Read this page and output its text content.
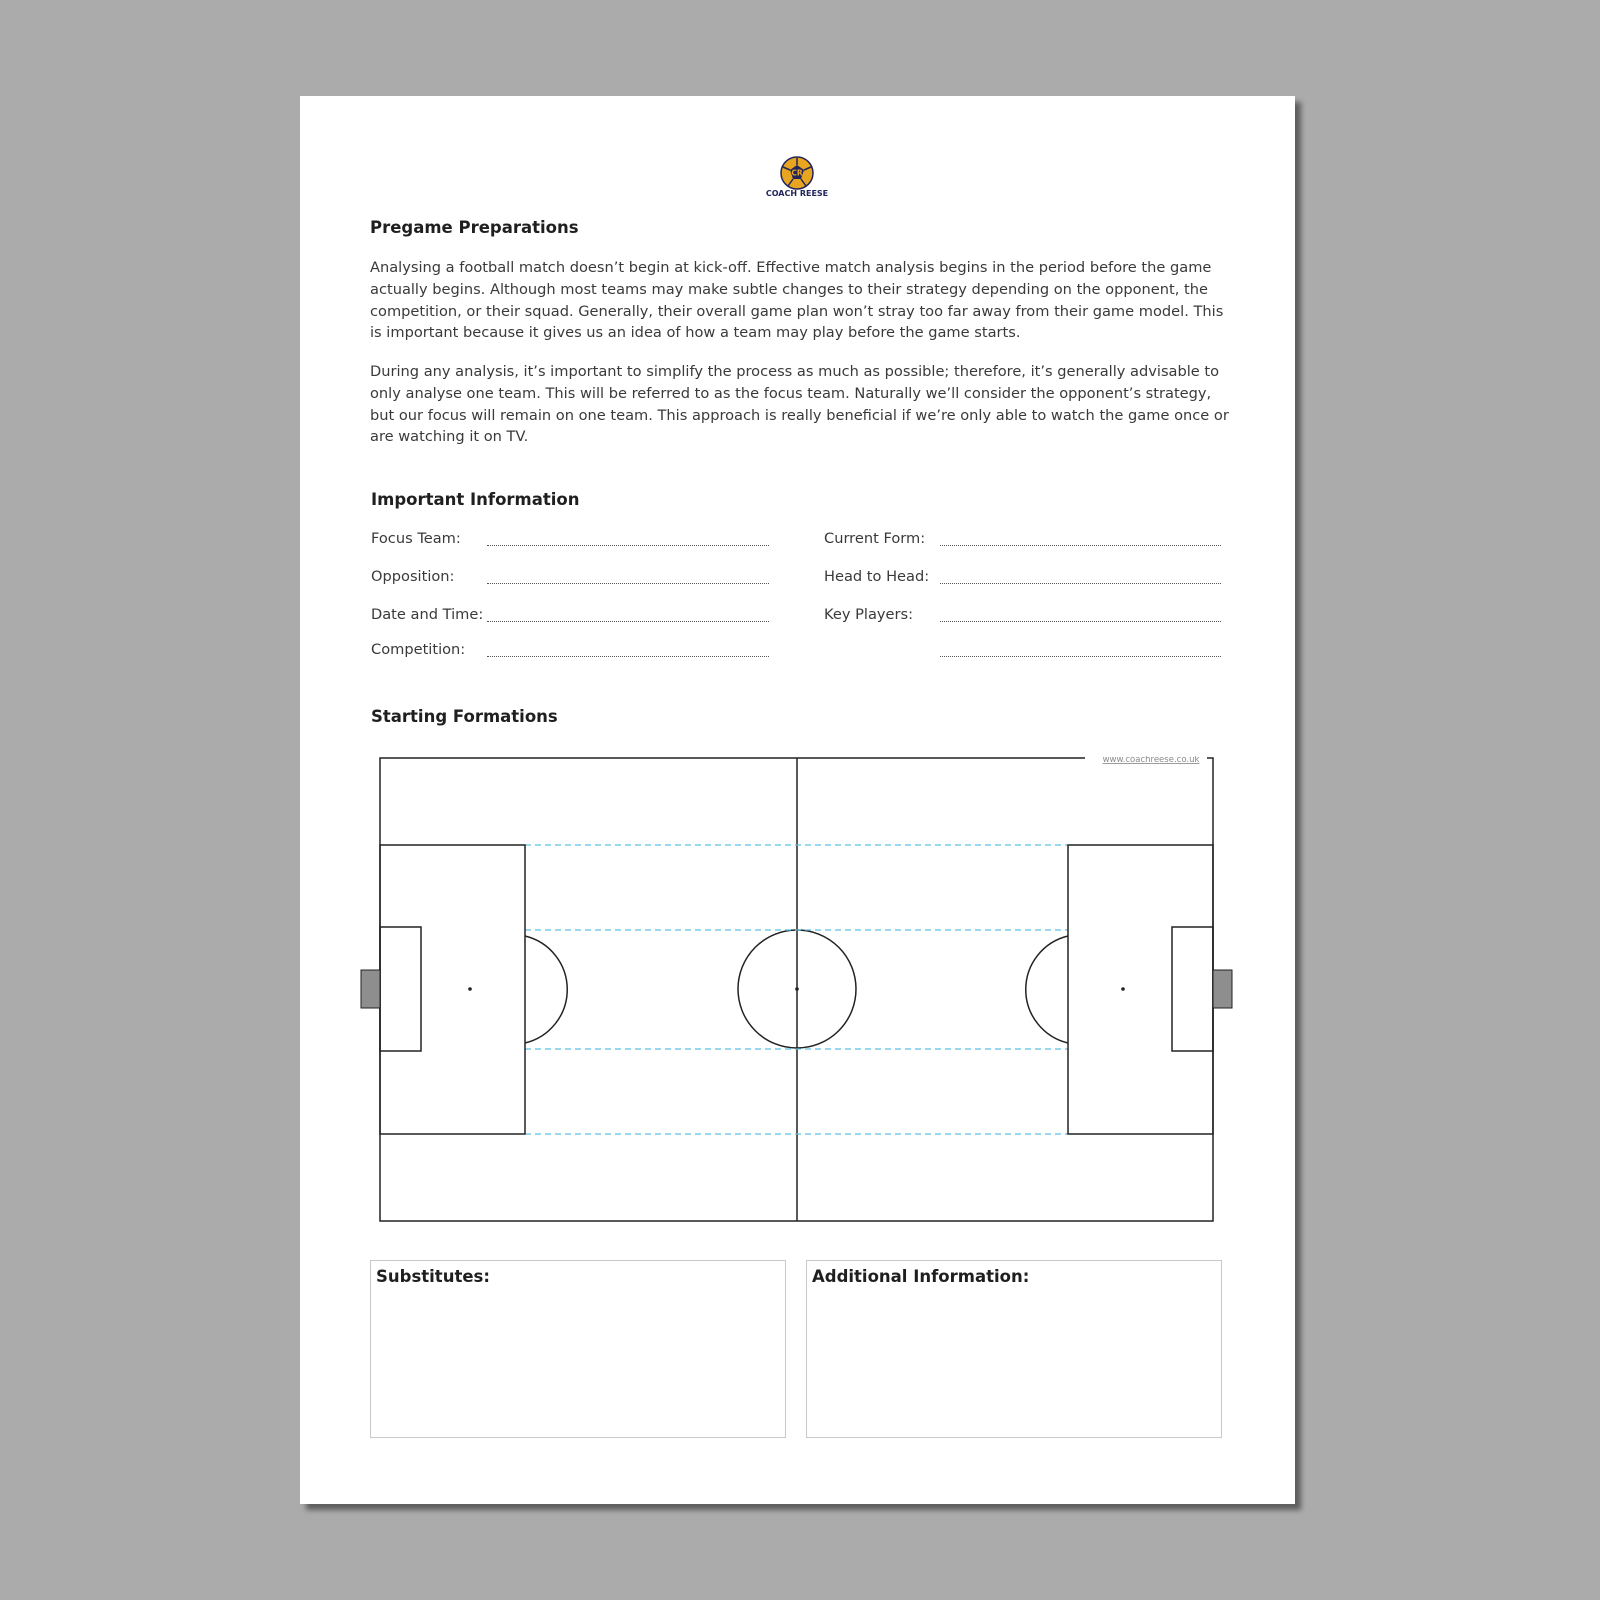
CR
COACH REESE
Pregame Preparations

Analysing a football match doesn’t begin at kick-off. Effective match analysis begins in the period before the game actually begins. Although most teams may make subtle changes to their strategy depending on the opponent, the competition, or their squad. Generally, their overall game plan won’t stray too far away from their game model. This is important because it gives us an idea of how a team may play before the game starts.

During any analysis, it’s important to simplify the process as much as possible; therefore, it’s generally advisable to only analyse one team. This will be referred to as the focus team. Naturally we’ll consider the opponent’s strategy, but our focus will remain on one team. This approach is really beneficial if we’re only able to watch the game once or are watching it on TV.

Important Information
Focus Team:
Opposition:
Date and Time:
Competition:
Current Form:
Head to Head:
Key Players:
Starting Formations
www.coachreese.co.uk
Substitutes:	Additional Information:
